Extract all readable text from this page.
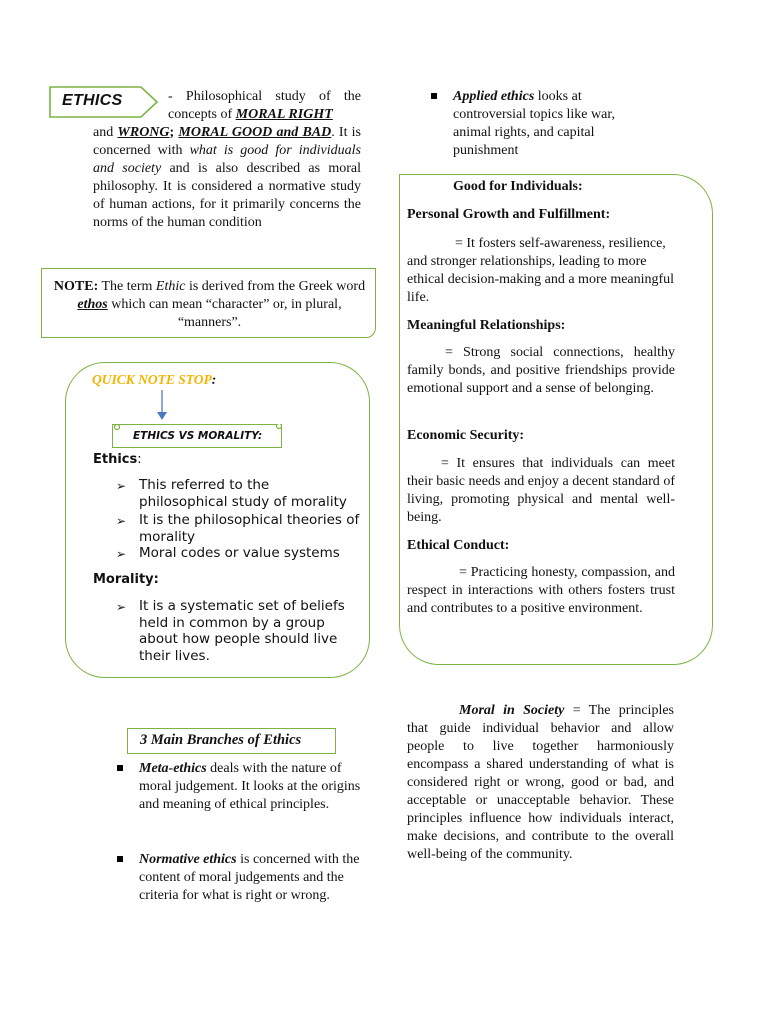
ETHICS	- Philosophical study of the concepts of MORAL RIGHT
and WRONG; MORAL GOOD and BAD. It is concerned with what is good for individuals and society and is also described as moral philosophy. It is considered a normative study of human actions, for it primarily concerns the norms of the human condition
NOTE: The term Ethic is derived from the Greek word ethos which can mean “character” or, in plural, “manners”.
QUICK NOTE STOP:
ETHICS VS MORALITY:
Ethics:
➢ This referred to the philosophical study of morality
➢ It is the philosophical theories of morality
➢ Moral codes or value systems
Morality:
➢ It is a systematic set of beliefs held in common by a group about how people should live their lives.
3 Main Branches of Ethics
Meta-ethics deals with the nature of moral judgement. It looks at the origins and meaning of ethical principles.
Normative ethics is concerned with the content of moral judgements and the criteria for what is right or wrong.
Applied ethics looks at controversial topics like war, animal rights, and capital punishment
Good for Individuals:
Personal Growth and Fulfillment:
= It fosters self-awareness, resilience, and stronger relationships, leading to more ethical decision-making and a more meaningful life.
Meaningful Relationships:
= Strong social connections, healthy family bonds, and positive friendships provide emotional support and a sense of belonging.
Economic Security:
= It ensures that individuals can meet their basic needs and enjoy a decent standard of living, promoting physical and mental well-being.
Ethical Conduct:
= Practicing honesty, compassion, and respect in interactions with others fosters trust and contributes to a positive environment.
Moral in Society = The principles that guide individual behavior and allow people to live together harmoniously encompass a shared understanding of what is considered right or wrong, good or bad, and acceptable or unacceptable behavior. These principles influence how individuals interact, make decisions, and contribute to the overall well-being of the community.
